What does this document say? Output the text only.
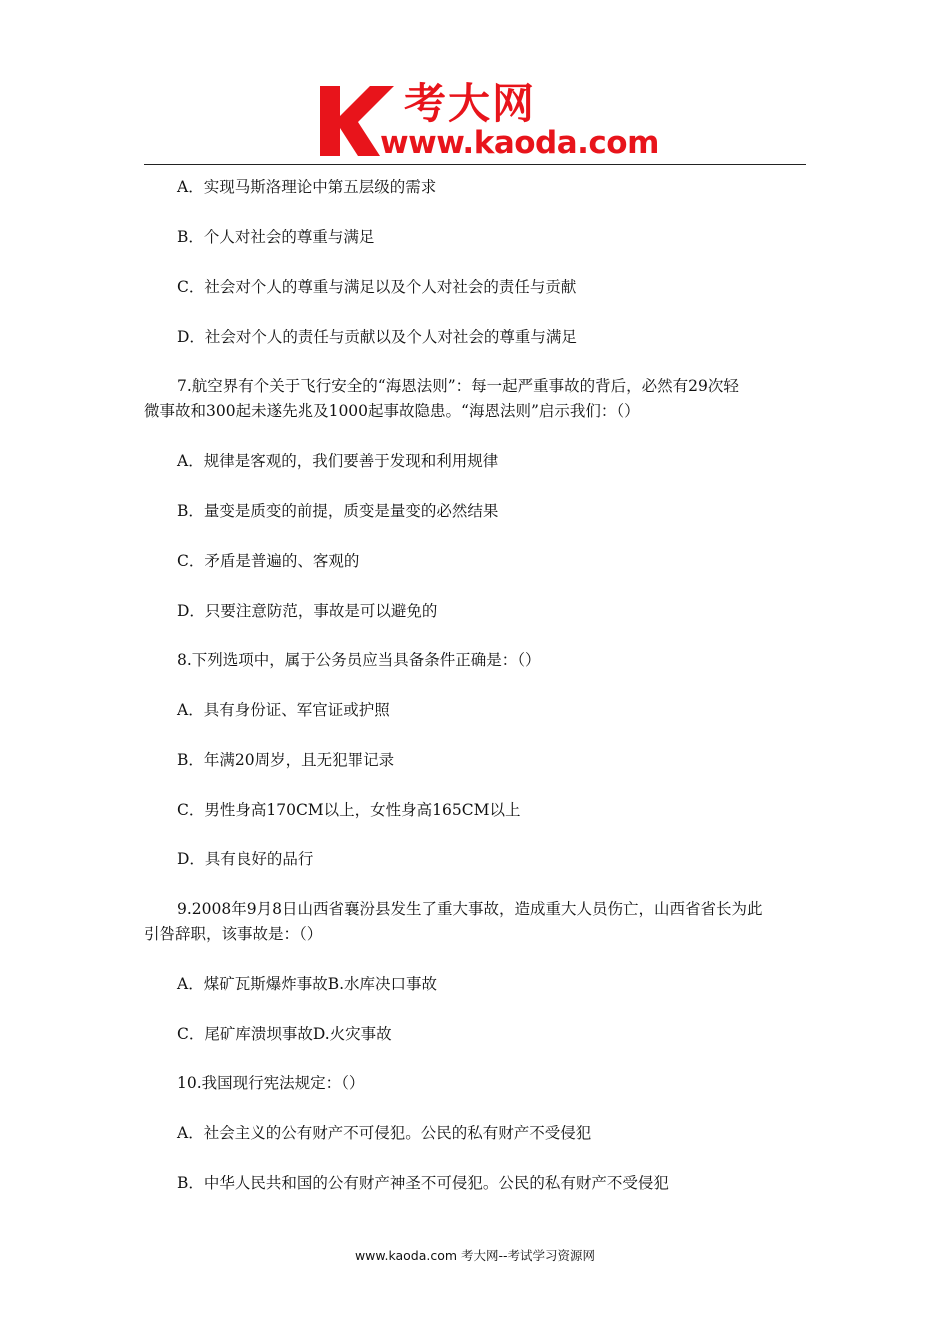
考大网
www.kaoda.com
A．实现马斯洛理论中第五层级的需求
B．个人对社会的尊重与满足
C．社会对个人的尊重与满足以及个人对社会的责任与贡献
D．社会对个人的责任与贡献以及个人对社会的尊重与满足
7.航空界有个关于飞行安全的“海恩法则”：每一起严重事故的背后，必然有29次轻
微事故和300起未遂先兆及1000起事故隐患。“海恩法则”启示我们：（）
A．规律是客观的，我们要善于发现和利用规律
B．量变是质变的前提，质变是量变的必然结果
C．矛盾是普遍的、客观的
D．只要注意防范，事故是可以避免的
8.下列选项中，属于公务员应当具备条件正确是：（）
A．具有身份证、军官证或护照
B．年满20周岁，且无犯罪记录
C．男性身高170CM以上，女性身高165CM以上
D．具有良好的品行
9.2008年9月8日山西省襄汾县发生了重大事故，造成重大人员伤亡，山西省省长为此
引咎辞职，该事故是：（）
A．煤矿瓦斯爆炸事故B.水库决口事故
C．尾矿库溃坝事故D.火灾事故
10.我国现行宪法规定：（）
A．社会主义的公有财产不可侵犯。公民的私有财产不受侵犯
B．中华人民共和国的公有财产神圣不可侵犯。公民的私有财产不受侵犯
www.kaoda.com 考大网--考试学习资源网
